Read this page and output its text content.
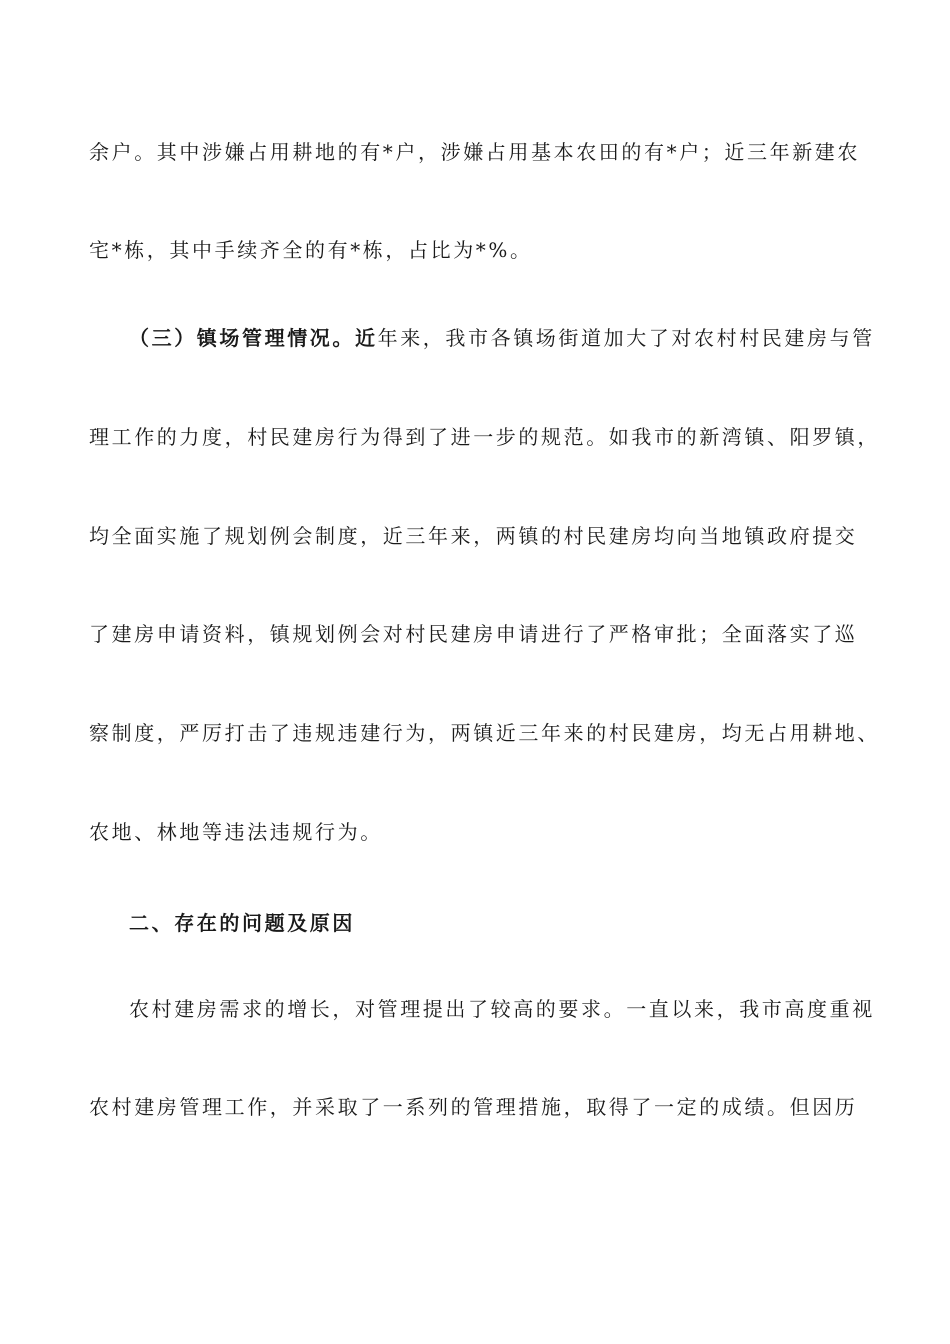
余户。其中涉嫌占用耕地的有*户，涉嫌占用基本农田的有*户；近三年新建农
宅*栋，其中手续齐全的有*栋，占比为*%。
（三）镇场管理情况。近年来，我市各镇场街道加大了对农村村民建房与管
理工作的力度，村民建房行为得到了进一步的规范。如我市的新湾镇、阳罗镇，
均全面实施了规划例会制度，近三年来，两镇的村民建房均向当地镇政府提交
了建房申请资料，镇规划例会对村民建房申请进行了严格审批；全面落实了巡
察制度，严厉打击了违规违建行为，两镇近三年来的村民建房，均无占用耕地、
农地、林地等违法违规行为。
二、存在的问题及原因
农村建房需求的增长，对管理提出了较高的要求。一直以来，我市高度重视
农村建房管理工作，并采取了一系列的管理措施，取得了一定的成绩。但因历
